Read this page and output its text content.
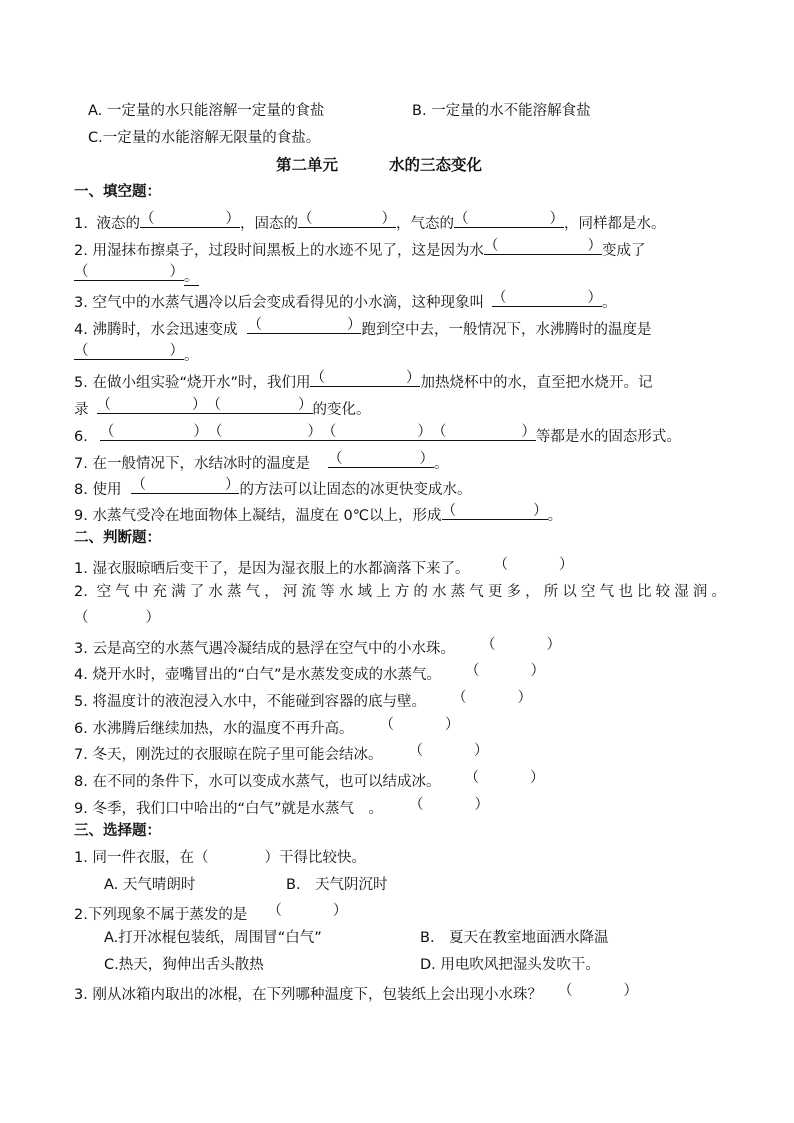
A. 一定量的水只能溶解一定量的食盐	B. 一定量的水不能溶解食盐
C.一定量的水能溶解无限量的食盐。
第二单元	水的三态变化
一、填空题：
1. 液态的 （	） ，固态的 （	） ，气态的 （	） ，同样都是水。
2. 用湿抹布擦桌子，过段时间黑板上的水迹不见了，这是因为水 （	） 变成了
（	） 。
3. 空气中的水蒸气遇冷以后会变成看得见的小水滴，这种现象叫 （	） 。
4. 沸腾时，水会迅速变成 （	） 跑到空中去，一般情况下，水沸腾时的温度是
（	） 。
5. 在做小组实验“烧开水”时，我们用 （	） 加热烧杯中的水，直至把水烧开。记
录 （	） （	） 的变化。
6. （	） （	） （	） （	） 等都是水的固态形式。
7. 在一般情况下，水结冰时的温度是 （	） 。
8. 使用 （	） 的方法可以让固态的冰更快变成水。
9. 水蒸气受冷在地面物体上凝结，温度在 0℃以上，形成 （	） 。
二、判断题：
1. 湿衣服晾晒后变干了，是因为湿衣服上的水都滴落下来了。 （	）
2. 空气中充满了水蒸气，河流等水域上方的水蒸气更多，所以空气也比较湿润。
（	）
3. 云是高空的水蒸气遇冷凝结成的悬浮在空气中的小水珠。 （	）
4. 烧开水时，壶嘴冒出的“白气”是水蒸发变成的水蒸气。 （	）
5. 将温度计的液泡浸入水中，不能碰到容器的底与壁。 （	）
6. 水沸腾后继续加热，水的温度不再升高。 （	）
7. 冬天，刚洗过的衣服晾在院子里可能会结冰。 （	）
8. 在不同的条件下，水可以变成水蒸气，也可以结成冰。 （	）
9. 冬季，我们口中哈出的“白气”就是水蒸气　。 （	）
三、选择题：
1. 同一件衣服，在（	）干得比较快。
A. 天气晴朗时	B.　天气阴沉时
2.下列现象不属于蒸发的是 （	）
A.打开冰棍包装纸，周围冒“白气”	B.　夏天在教室地面洒水降温
C.热天，狗伸出舌头散热	D. 用电吹风把湿头发吹干。
3. 刚从冰箱内取出的冰棍，在下列哪种温度下，包装纸上会出现小水珠？ （	）
